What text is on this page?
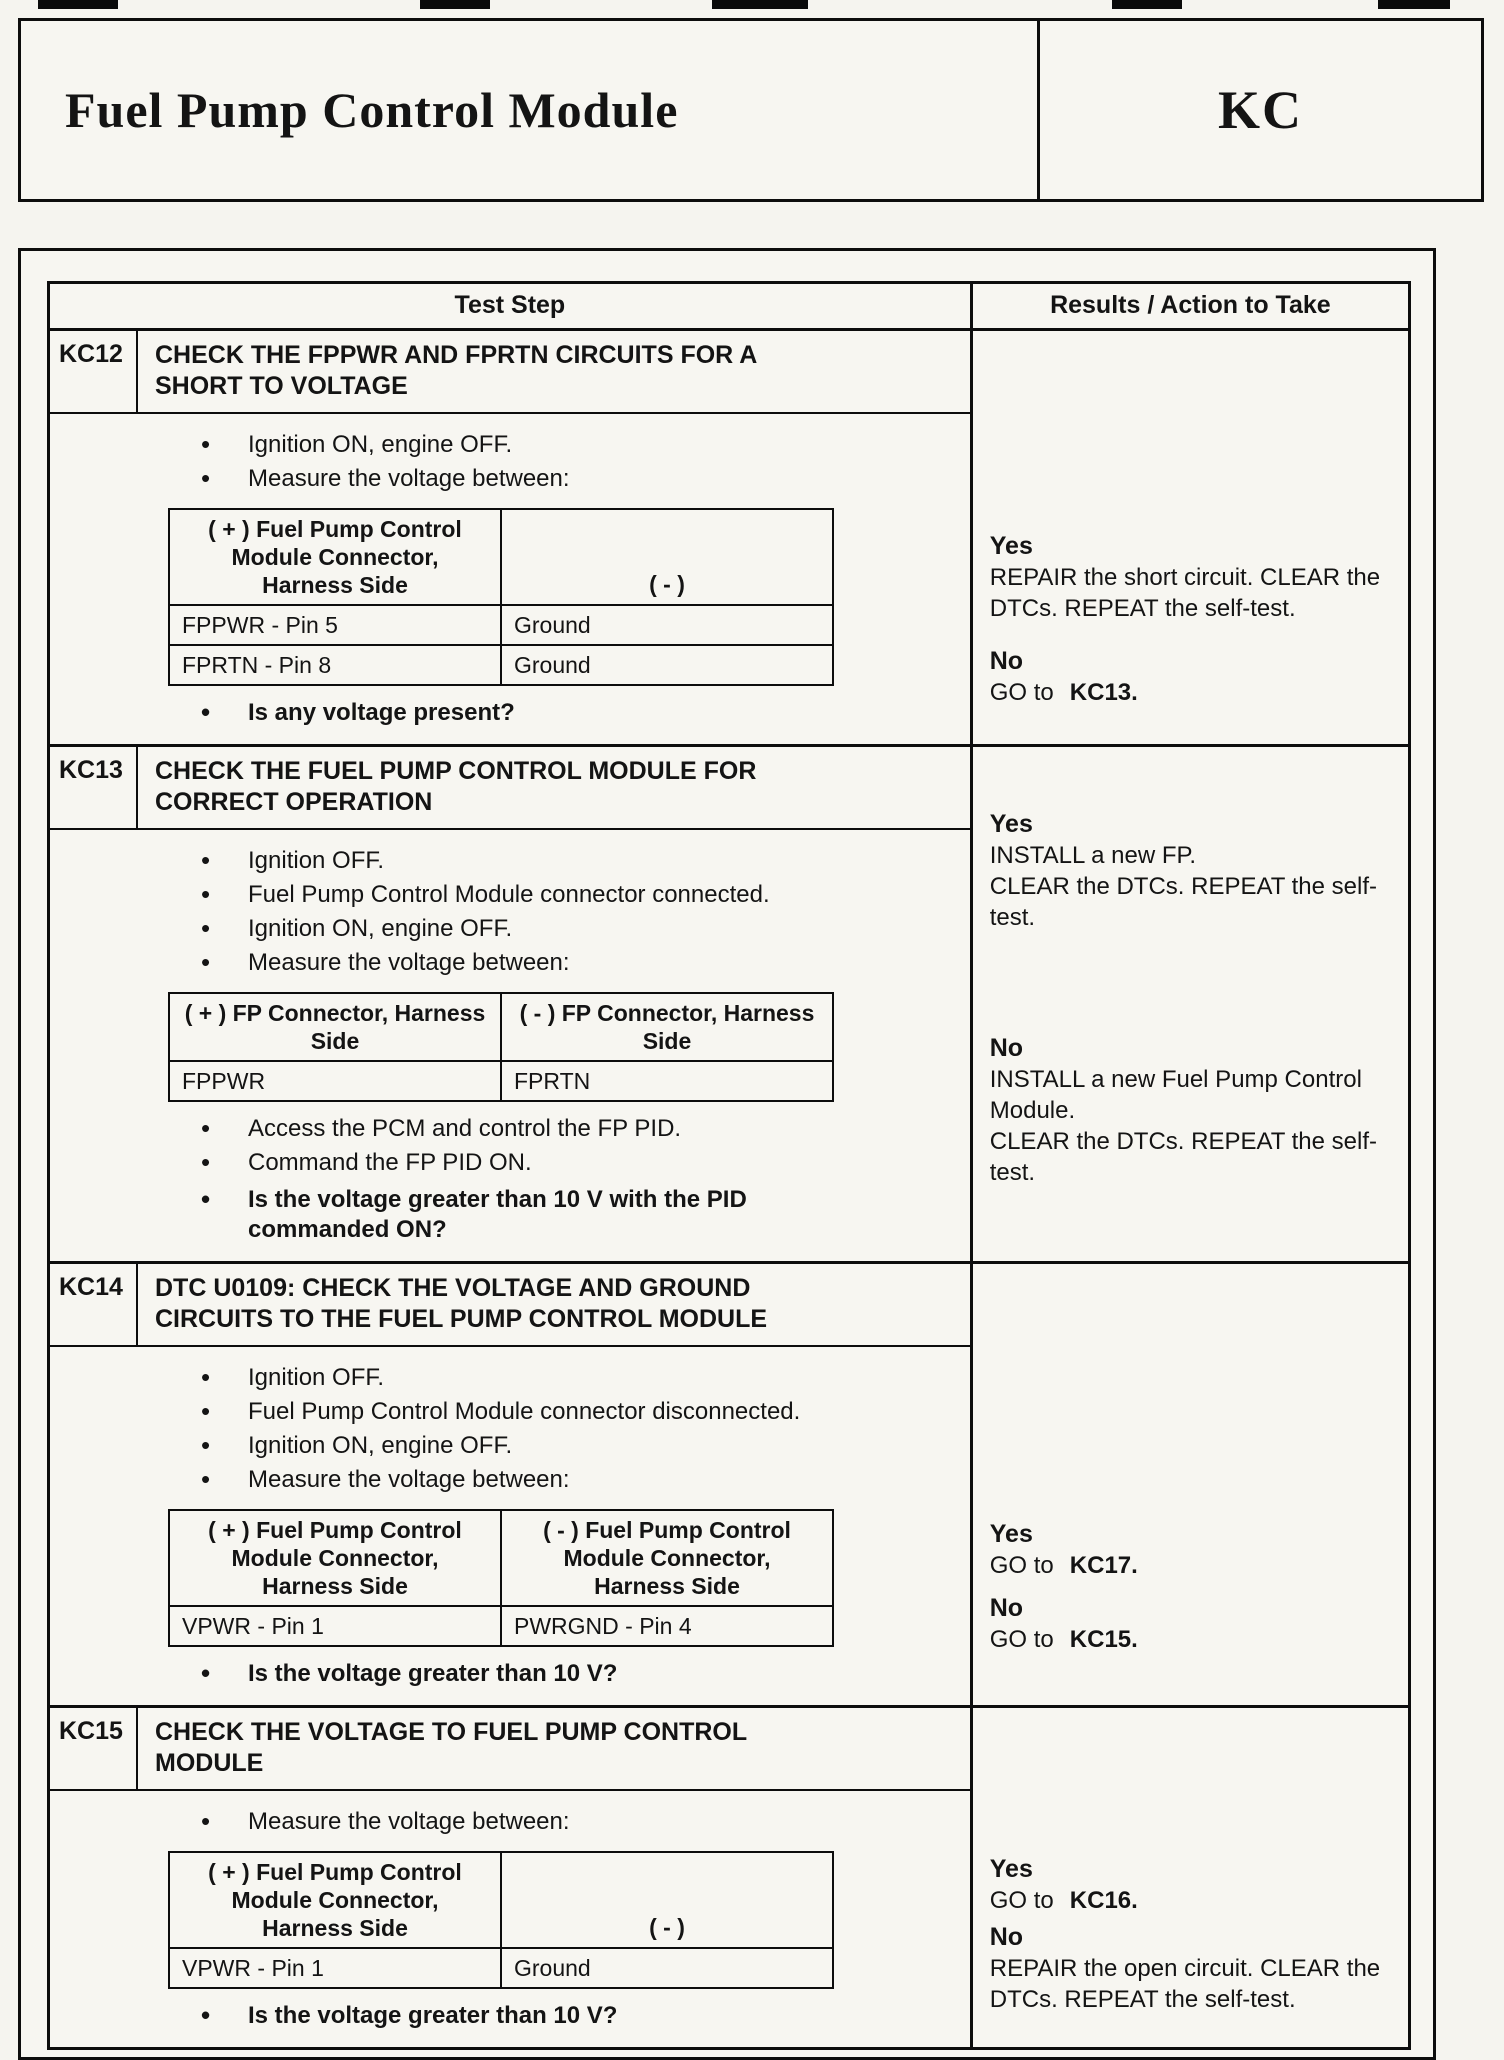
Fuel Pump Control Module	KC
Test Step	Results / Action to Take

KC12	CHECK THE FPPWR AND FPRTN CIRCUITS FOR A SHORT TO VOLTAGE
• Ignition ON, engine OFF.
• Measure the voltage between:
( + ) Fuel Pump Control Module Connector, Harness Side	( - )
FPPWR - Pin 5	Ground
FPRTN - Pin 8	Ground
• Is any voltage present?

Yes
REPAIR the short circuit. CLEAR the DTCs. REPEAT the self-test.
No
GO to KC13.

KC13	CHECK THE FUEL PUMP CONTROL MODULE FOR CORRECT OPERATION
• Ignition OFF.
• Fuel Pump Control Module connector connected.
• Ignition ON, engine OFF.
• Measure the voltage between:
( + ) FP Connector, Harness Side	( - ) FP Connector, Harness Side
FPPWR	FPRTN
• Access the PCM and control the FP PID.
• Command the FP PID ON.
• Is the voltage greater than 10 V with the PID commanded ON?

Yes
INSTALL a new FP.
CLEAR the DTCs. REPEAT the self-test.
No
INSTALL a new Fuel Pump Control Module.
CLEAR the DTCs. REPEAT the self-test.

KC14	DTC U0109: CHECK THE VOLTAGE AND GROUND CIRCUITS TO THE FUEL PUMP CONTROL MODULE
• Ignition OFF.
• Fuel Pump Control Module connector disconnected.
• Ignition ON, engine OFF.
• Measure the voltage between:
( + ) Fuel Pump Control Module Connector, Harness Side	( - ) Fuel Pump Control Module Connector, Harness Side
VPWR - Pin 1	PWRGND - Pin 4
• Is the voltage greater than 10 V?

Yes
GO to KC17.
No
GO to KC15.

KC15	CHECK THE VOLTAGE TO FUEL PUMP CONTROL MODULE
• Measure the voltage between:
( + ) Fuel Pump Control Module Connector, Harness Side	( - )
VPWR - Pin 1	Ground
• Is the voltage greater than 10 V?

Yes
GO to KC16.
No
REPAIR the open circuit. CLEAR the DTCs. REPEAT the self-test.
